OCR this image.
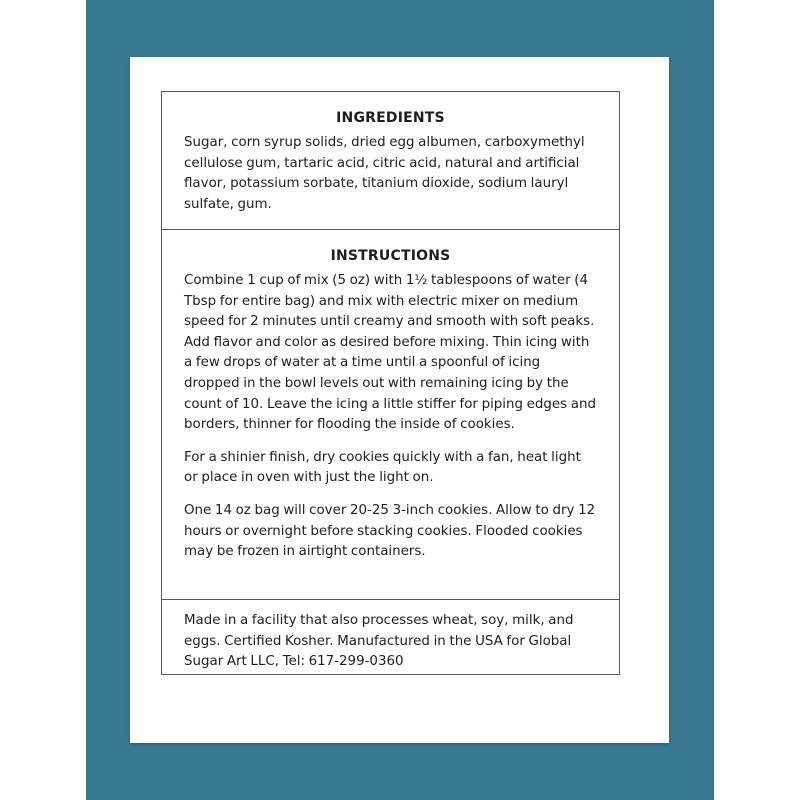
INGREDIENTS

Sugar, corn syrup solids, dried egg albumen, carboxymethyl cellulose gum, tartaric acid, citric acid, natural and artificial flavor, potassium sorbate, titanium dioxide, sodium lauryl sulfate, gum.

INSTRUCTIONS

Combine 1 cup of mix (5 oz) with 1½ tablespoons of water (4 Tbsp for entire bag) and mix with electric mixer on medium speed for 2 minutes until creamy and smooth with soft peaks. Add flavor and color as desired before mixing. Thin icing with a few drops of water at a time until a spoonful of icing dropped in the bowl levels out with remaining icing by the count of 10. Leave the icing a little stiffer for piping edges and borders, thinner for flooding the inside of cookies.

For a shinier finish, dry cookies quickly with a fan, heat light or place in oven with just the light on.

One 14 oz bag will cover 20-25 3-inch cookies. Allow to dry 12 hours or overnight before stacking cookies. Flooded cookies may be frozen in airtight containers.

Made in a facility that also processes wheat, soy, milk, and eggs. Certified Kosher. Manufactured in the USA for Global Sugar Art LLC, Tel: 617-299-0360
